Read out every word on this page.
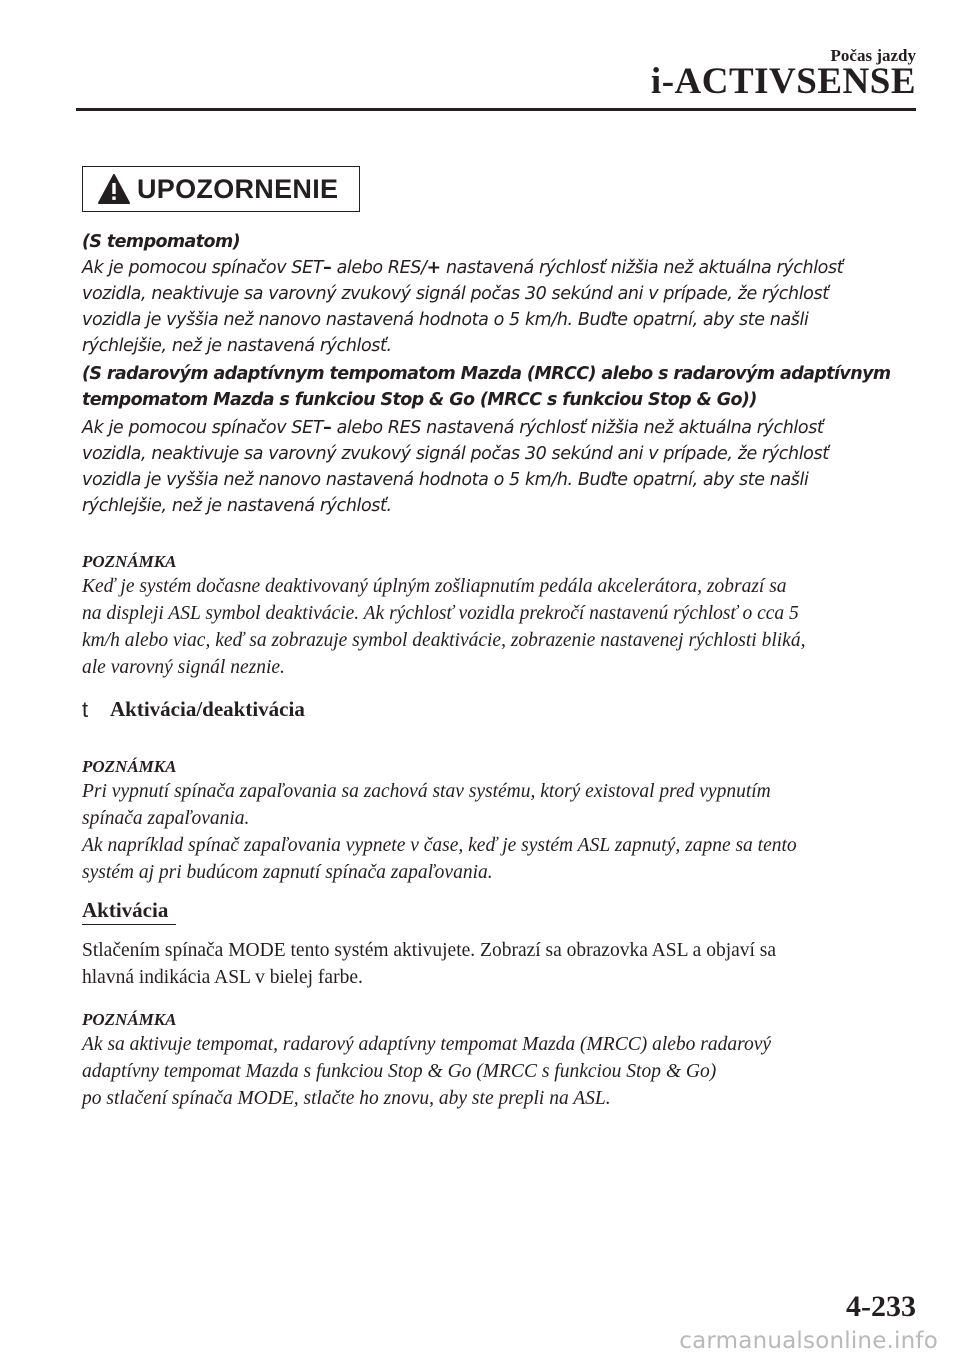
Počas jazdy
i-ACTIVSENSE
UPOZORNENIE
(S tempomatom)
Ak je pomocou spínačov SET– alebo RES/+ nastavená rýchlosť nižšia než aktuálna rýchlosť
vozidla, neaktivuje sa varovný zvukový signál počas 30 sekúnd ani v prípade, že rýchlosť
vozidla je vyššia než nanovo nastavená hodnota o 5 km/h. Buďte opatrní, aby ste našli
rýchlejšie, než je nastavená rýchlosť.
(S radarovým adaptívnym tempomatom Mazda (MRCC) alebo s radarovým adaptívnym
tempomatom Mazda s funkciou Stop & Go (MRCC s funkciou Stop & Go))
Ak je pomocou spínačov SET– alebo RES nastavená rýchlosť nižšia než aktuálna rýchlosť
vozidla, neaktivuje sa varovný zvukový signál počas 30 sekúnd ani v prípade, že rýchlosť
vozidla je vyššia než nanovo nastavená hodnota o 5 km/h. Buďte opatrní, aby ste našli
rýchlejšie, než je nastavená rýchlosť.
POZNÁMKA
Keď je systém dočasne deaktivovaný úplným zošliapnutím pedála akcelerátora, zobrazí sa
na displeji ASL symbol deaktivácie. Ak rýchlosť vozidla prekročí nastavenú rýchlosť o cca 5
km/h alebo viac, keď sa zobrazuje symbol deaktivácie, zobrazenie nastavenej rýchlosti bliká,
ale varovný signál neznie.
t Aktivácia/deaktivácia
POZNÁMKA
Pri vypnutí spínača zapaľovania sa zachová stav systému, ktorý existoval pred vypnutím
spínača zapaľovania.
Ak napríklad spínač zapaľovania vypnete v čase, keď je systém ASL zapnutý, zapne sa tento
systém aj pri budúcom zapnutí spínača zapaľovania.
Aktivácia
Stlačením spínača MODE tento systém aktivujete. Zobrazí sa obrazovka ASL a objaví sa
hlavná indikácia ASL v bielej farbe.
POZNÁMKA
Ak sa aktivuje tempomat, radarový adaptívny tempomat Mazda (MRCC) alebo radarový
adaptívny tempomat Mazda s funkciou Stop & Go (MRCC s funkciou Stop & Go)
po stlačení spínača MODE, stlačte ho znovu, aby ste prepli na ASL.
4-233
carmanualsonline.info
